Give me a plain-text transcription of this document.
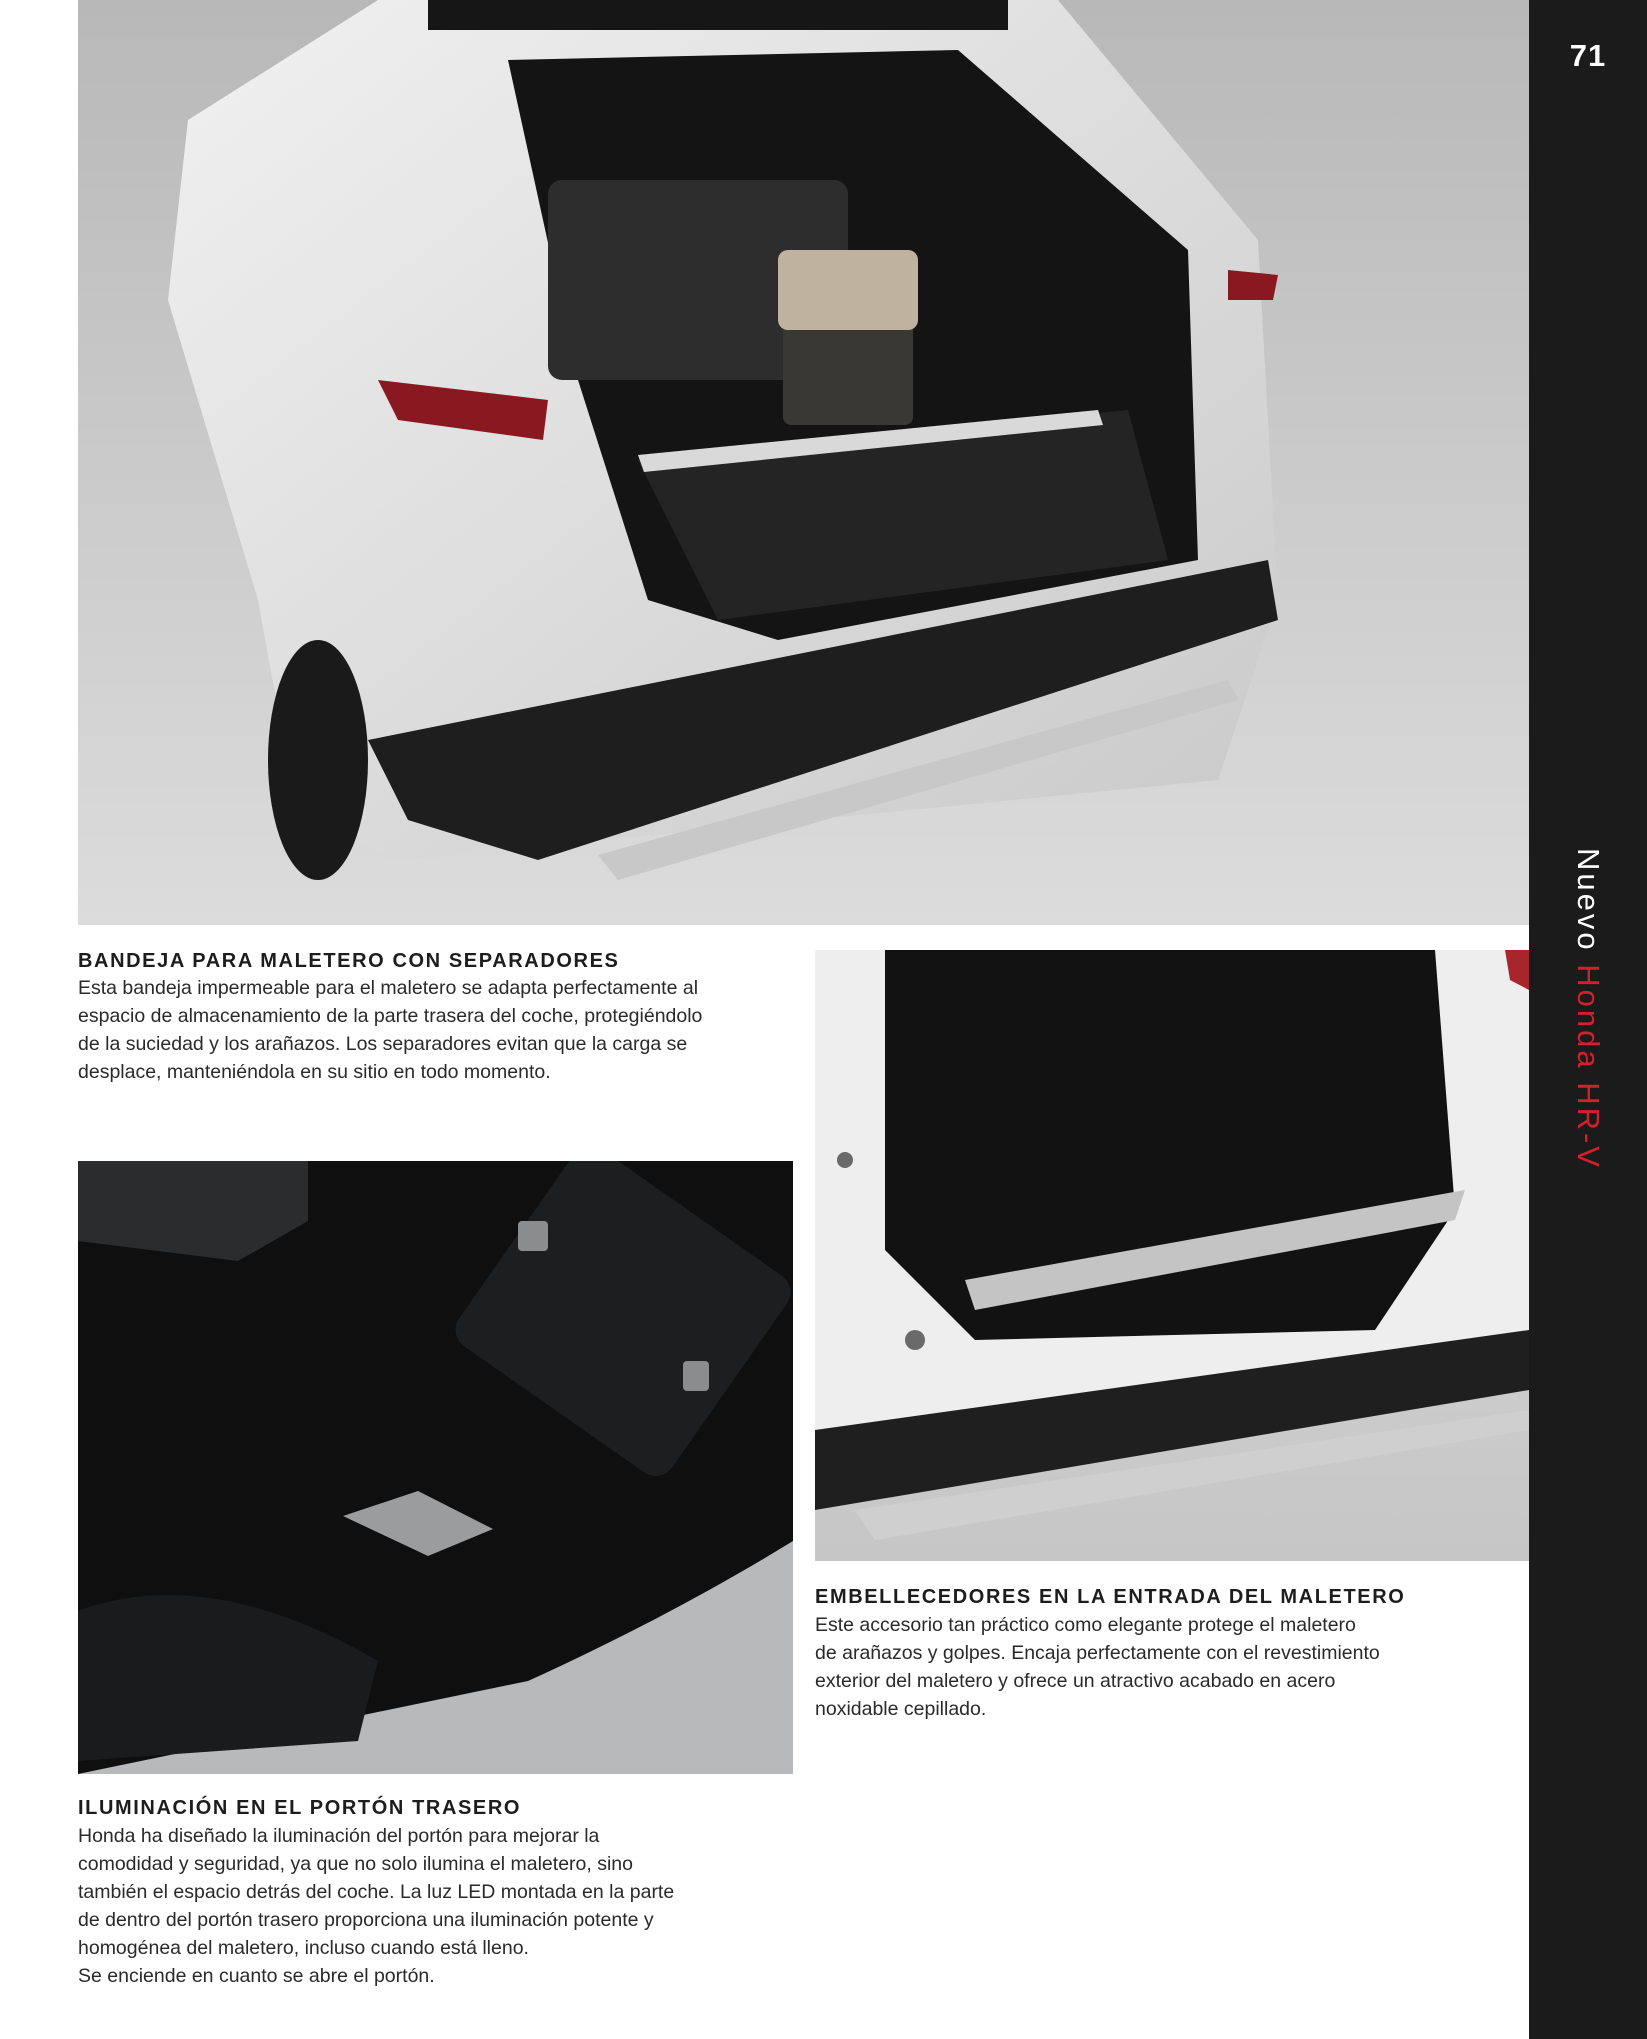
71
Nuevo Honda HR-V
BANDEJA PARA MALETERO CON SEPARADORES
Esta bandeja impermeable para el maletero se adapta perfectamente al
espacio de almacenamiento de la parte trasera del coche, protegiéndolo
de la suciedad y los arañazos. Los separadores evitan que la carga se
desplace, manteniéndola en su sitio en todo momento.
EMBELLECEDORES EN LA ENTRADA DEL MALETERO
Este accesorio tan práctico como elegante protege el maletero
de arañazos y golpes. Encaja perfectamente con el revestimiento
exterior del maletero y ofrece un atractivo acabado en acero
noxidable cepillado.
ILUMINACIÓN EN EL PORTÓN TRASERO
Honda ha diseñado la iluminación del portón para mejorar la
comodidad y seguridad, ya que no solo ilumina el maletero, sino
también el espacio detrás del coche. La luz LED montada en la parte
de dentro del portón trasero proporciona una iluminación potente y
homogénea del maletero, incluso cuando está lleno.
Se enciende en cuanto se abre el portón.
